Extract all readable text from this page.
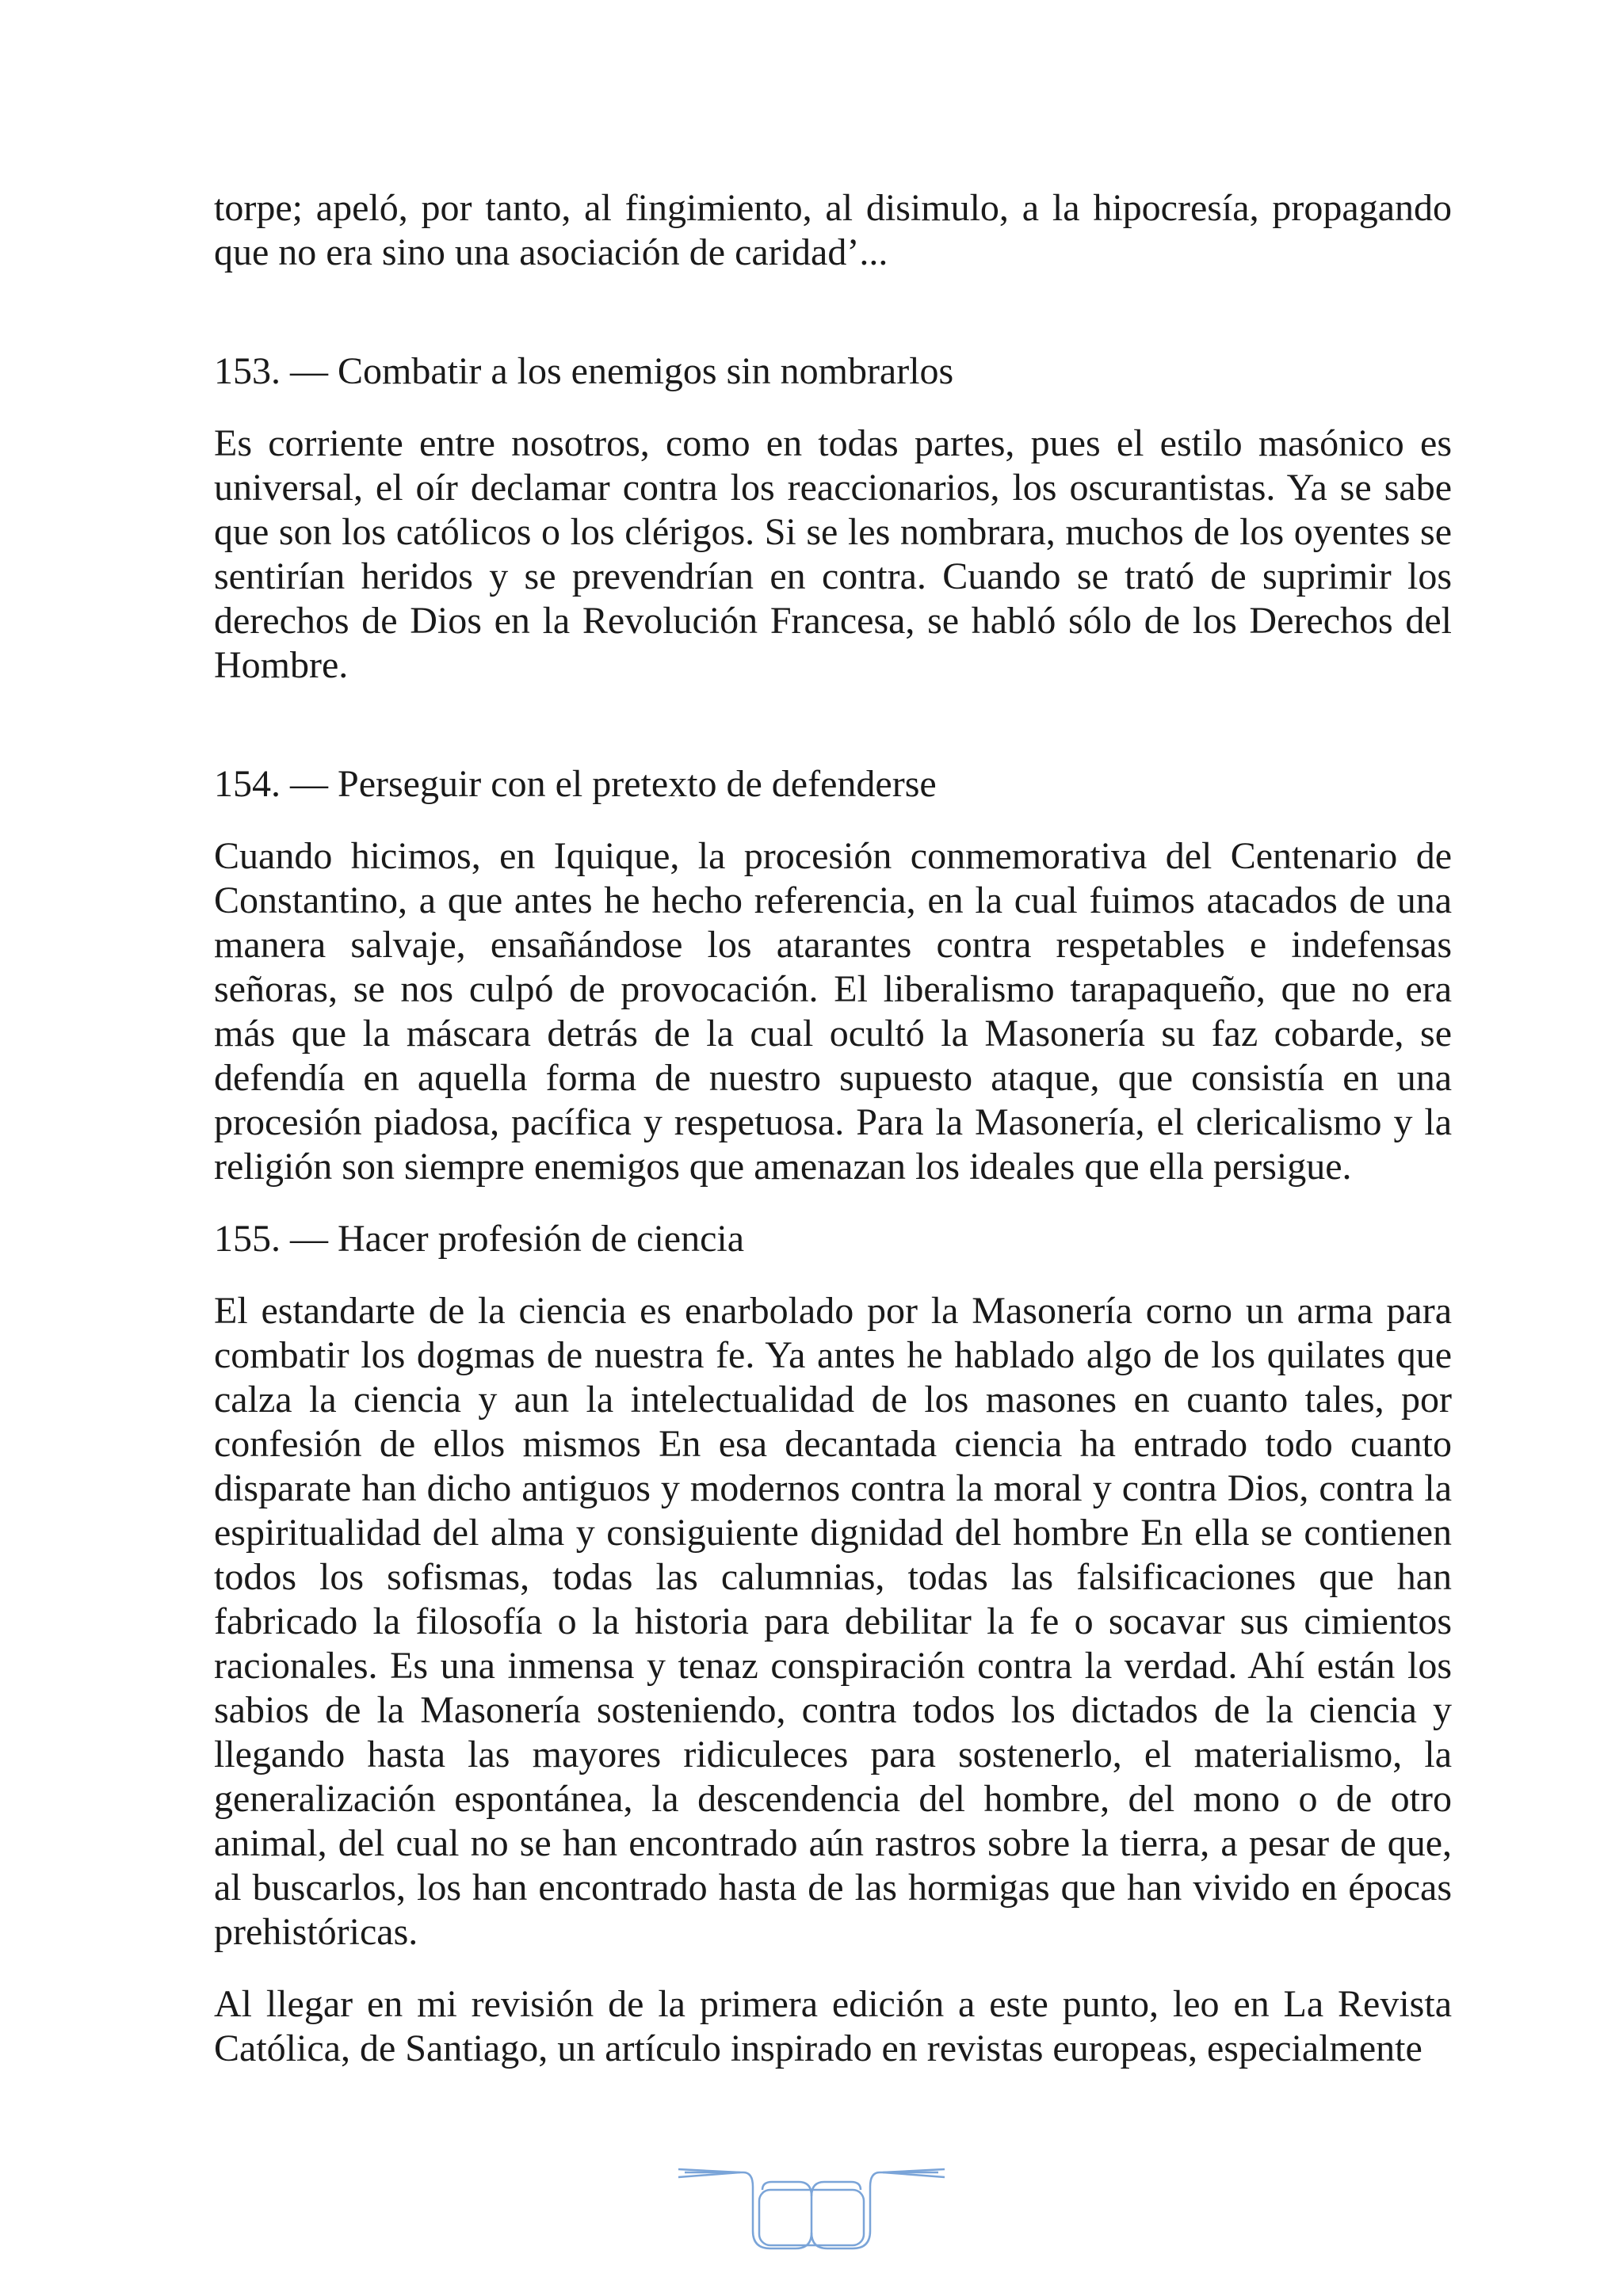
torpe; apeló, por tanto, al fingimiento, al disimulo, a la hipocresía, propagando que no era sino una asociación de caridad’...

153. — Combatir a los enemigos sin nombrarlos

Es corriente entre nosotros, como en todas partes, pues el estilo masónico es universal, el oír declamar contra los reaccionarios, los oscurantistas. Ya se sabe que son los católicos o los clérigos. Si se les nombrara, muchos de los oyentes se sentirían heridos y se prevendrían en contra. Cuando se trató de suprimir los derechos de Dios en la Revolución Francesa, se habló sólo de los Derechos del Hombre.

154. — Perseguir con el pretexto de defenderse

Cuando hicimos, en Iquique, la procesión conmemorativa del Centenario de Constantino, a que antes he hecho referencia, en la cual fuimos atacados de una manera salvaje, ensañándose los atarantes contra respetables e indefensas señoras, se nos culpó de provocación. El liberalismo tarapaqueño, que no era más que la máscara detrás de la cual ocultó la Masonería su faz cobarde, se defendía en aquella forma de nuestro supuesto ataque, que consistía en una procesión piadosa, pacífica y respetuosa. Para la Masonería, el clericalismo y la religión son siempre enemigos que amenazan los ideales que ella persigue.

155. — Hacer profesión de ciencia

El estandarte de la ciencia es enarbolado por la Masonería corno un arma para combatir los dogmas de nuestra fe. Ya antes he hablado algo de los quilates que calza la ciencia y aun la intelectualidad de los masones en cuanto tales, por confesión de ellos mismos En esa decantada ciencia ha entrado todo cuanto disparate han dicho antiguos y modernos contra la moral y contra Dios, contra la espiritualidad del alma y consiguiente dignidad del hombre En ella se contienen todos los sofismas, todas las calumnias, todas las falsificaciones que han fabricado la filosofía o la historia para debilitar la fe o socavar sus cimientos racionales. Es una inmensa y tenaz conspiración contra la verdad. Ahí están los sabios de la Masonería sosteniendo, contra todos los dictados de la ciencia y llegando hasta las mayores ridiculeces para sostenerlo, el materialismo, la generalización espontánea, la descendencia del hombre, del mono o de otro animal, del cual no se han encontrado aún rastros sobre la tierra, a pesar de que, al buscarlos, los han encontrado hasta de las hormigas que han vivido en épocas prehistóricas.

Al llegar en mi revisión de la primera edición a este punto, leo en La Revista Católica, de Santiago, un artículo inspirado en revistas europeas, especialmente
